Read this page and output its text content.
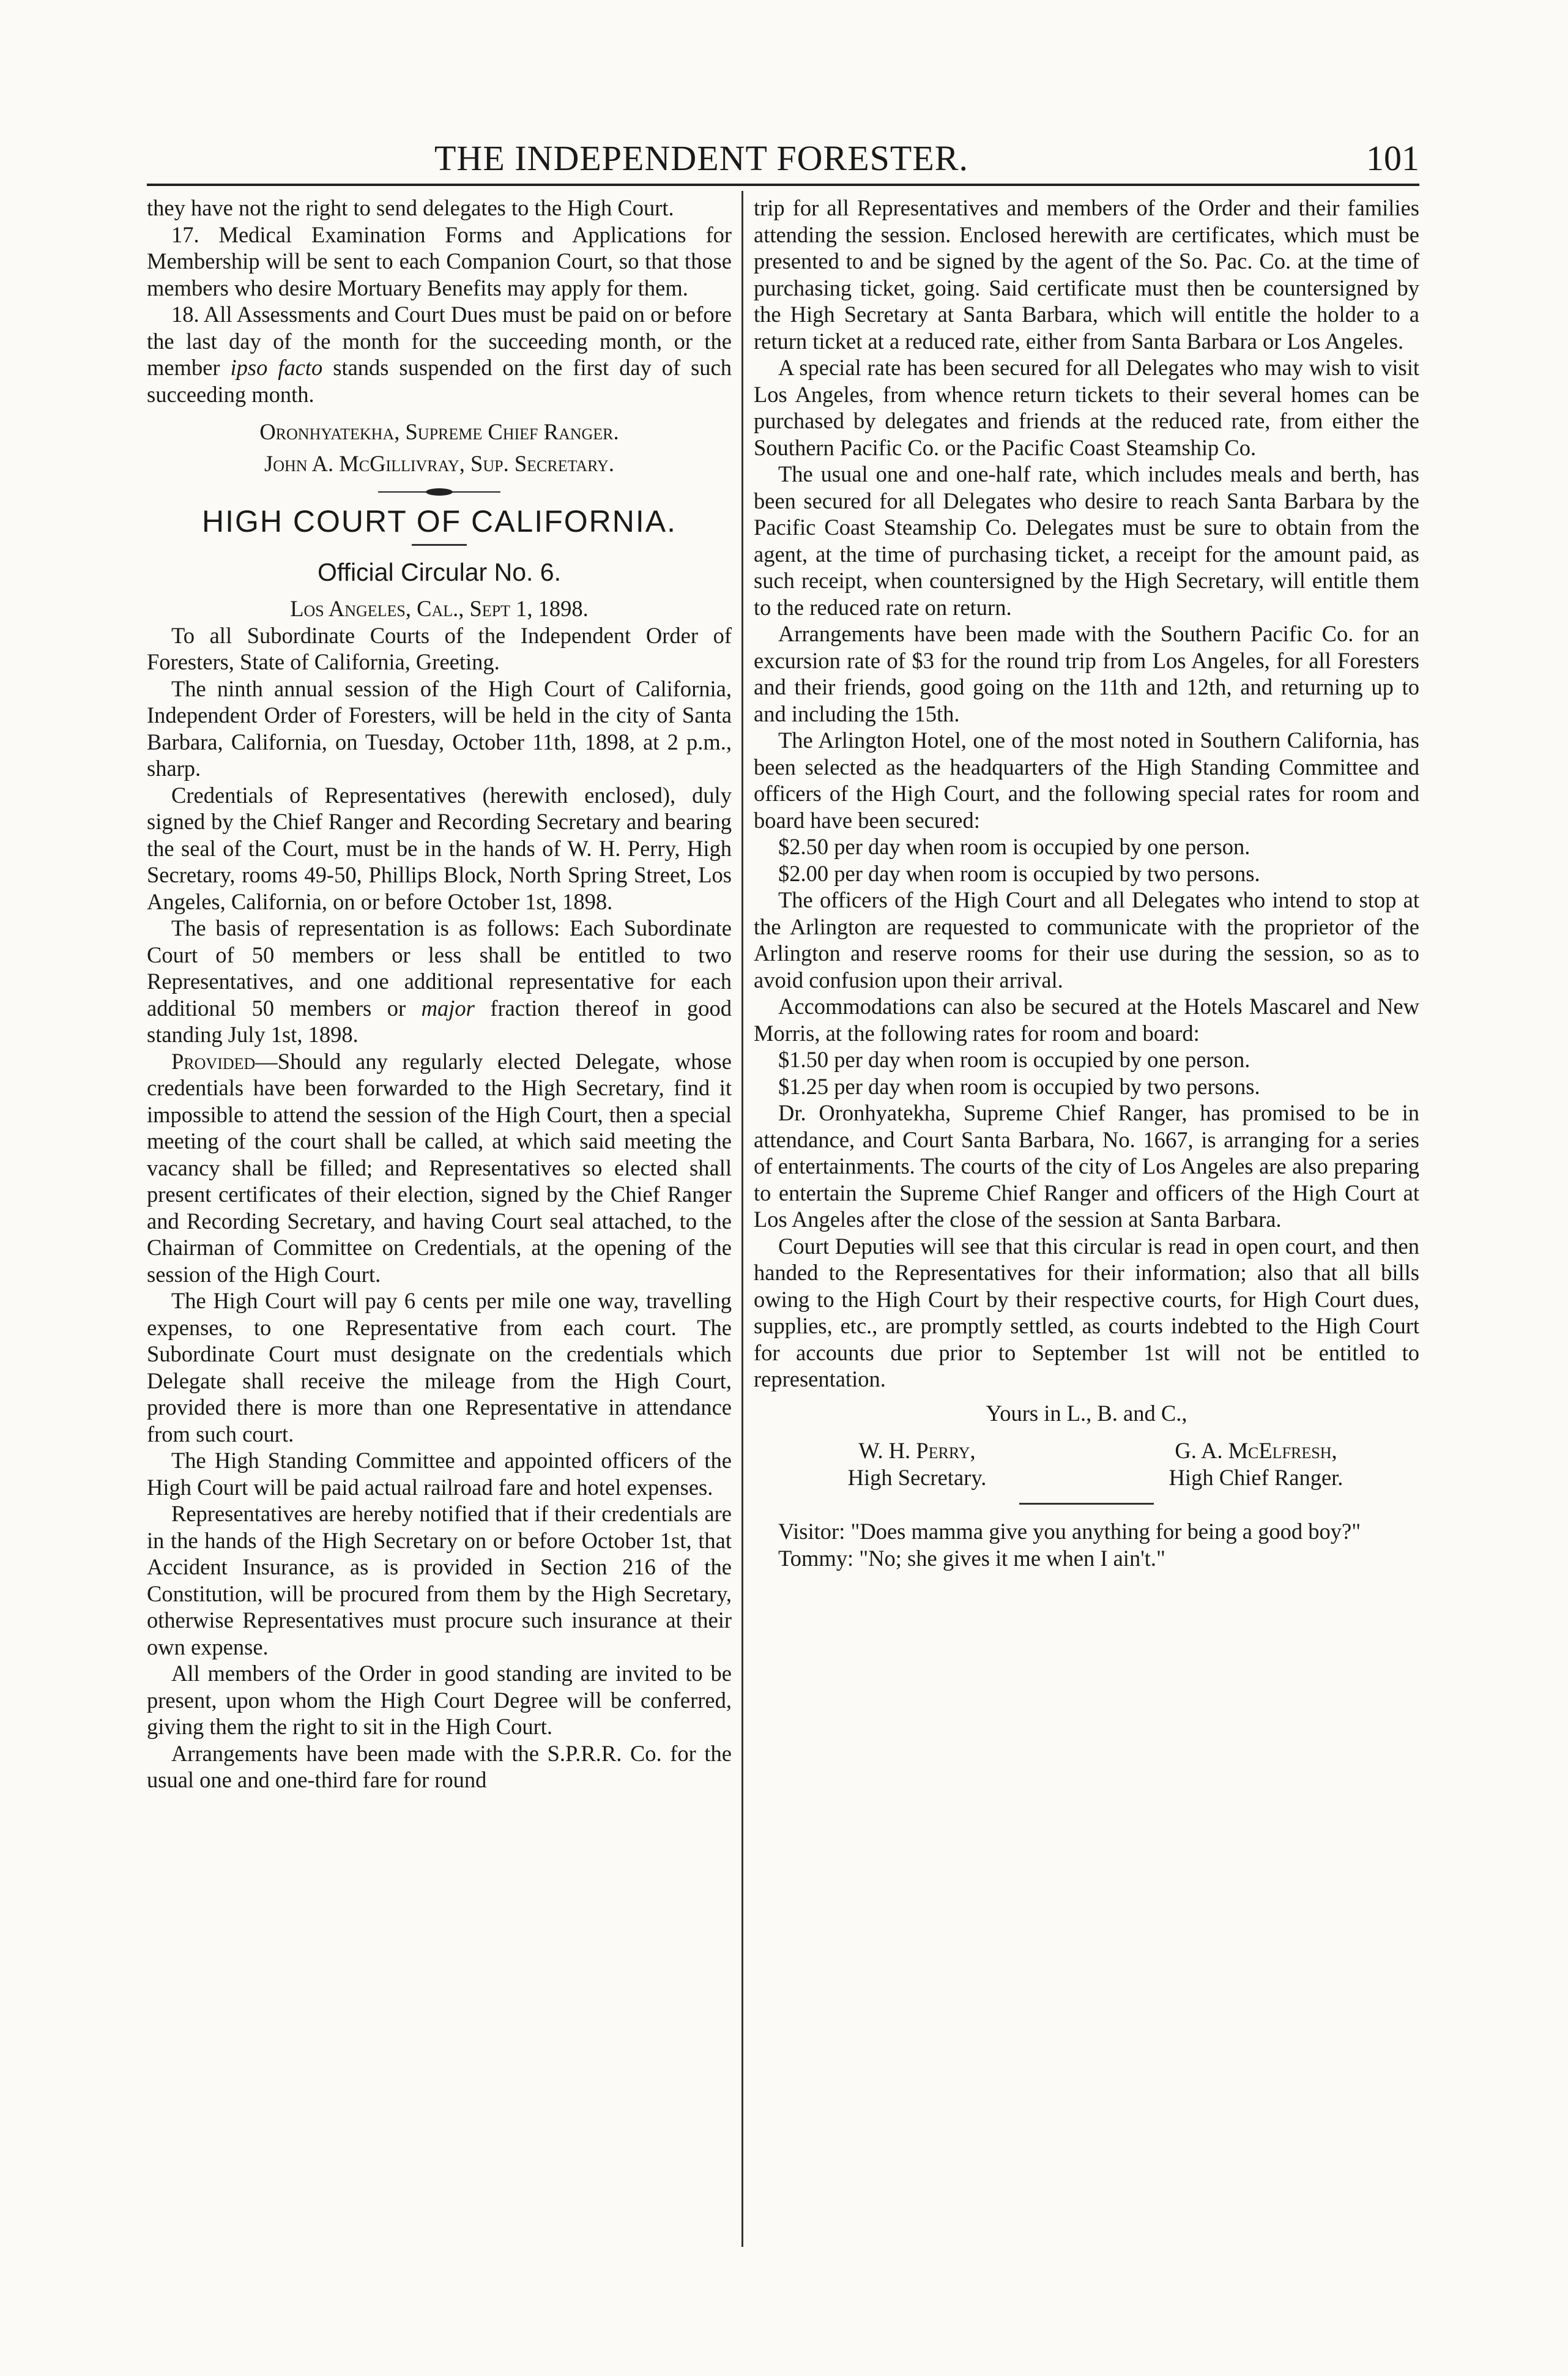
THE INDEPENDENT FORESTER.	101

they have not the right to send delegates to the High Court.

17. Medical Examination Forms and Applications for Membership will be sent to each Companion Court, so that those members who desire Mortuary Benefits may apply for them.

18. All Assessments and Court Dues must be paid on or before the last day of the month for the succeeding month, or the member ipso facto stands suspended on the first day of such succeeding month.

Oronhyatekha, Supreme Chief Ranger.

John A. McGillivray, Sup. Secretary.

HIGH COURT OF CALIFORNIA.
Official Circular No. 6.

Los Angeles, Cal., Sept 1, 1898.

To all Subordinate Courts of the Independent Order of Foresters, State of California, Greeting.

The ninth annual session of the High Court of California, Independent Order of Foresters, will be held in the city of Santa Barbara, California, on Tuesday, October 11th, 1898, at 2 p.m., sharp.

Credentials of Representatives (herewith enclosed), duly signed by the Chief Ranger and Recording Secretary and bearing the seal of the Court, must be in the hands of W. H. Perry, High Secretary, rooms 49-50, Phillips Block, North Spring Street, Los Angeles, California, on or before October 1st, 1898.

The basis of representation is as follows: Each Subordinate Court of 50 members or less shall be entitled to two Representatives, and one additional representative for each additional 50 members or major fraction thereof in good standing July 1st, 1898.

Provided—Should any regularly elected Delegate, whose credentials have been forwarded to the High Secretary, find it impossible to attend the session of the High Court, then a special meeting of the court shall be called, at which said meeting the vacancy shall be filled; and Representatives so elected shall present certificates of their election, signed by the Chief Ranger and Recording Secretary, and having Court seal attached, to the Chairman of Committee on Credentials, at the opening of the session of the High Court.

The High Court will pay 6 cents per mile one way, travelling expenses, to one Representative from each court. The Subordinate Court must designate on the credentials which Delegate shall receive the mileage from the High Court, provided there is more than one Representative in attendance from such court.

The High Standing Committee and appointed officers of the High Court will be paid actual railroad fare and hotel expenses.

Representatives are hereby notified that if their credentials are in the hands of the High Secretary on or before October 1st, that Accident Insurance, as is provided in Section 216 of the Constitution, will be procured from them by the High Secretary, otherwise Representatives must procure such insurance at their own expense.

All members of the Order in good standing are invited to be present, upon whom the High Court Degree will be conferred, giving them the right to sit in the High Court.

Arrangements have been made with the S.P.R.R. Co. for the usual one and one-third fare for round

trip for all Representatives and members of the Order and their families attending the session. Enclosed herewith are certificates, which must be presented to and be signed by the agent of the So. Pac. Co. at the time of purchasing ticket, going. Said certificate must then be countersigned by the High Secretary at Santa Barbara, which will entitle the holder to a return ticket at a reduced rate, either from Santa Barbara or Los Angeles.

A special rate has been secured for all Delegates who may wish to visit Los Angeles, from whence return tickets to their several homes can be purchased by delegates and friends at the reduced rate, from either the Southern Pacific Co. or the Pacific Coast Steamship Co.

The usual one and one-half rate, which includes meals and berth, has been secured for all Delegates who desire to reach Santa Barbara by the Pacific Coast Steamship Co. Delegates must be sure to obtain from the agent, at the time of purchasing ticket, a receipt for the amount paid, as such receipt, when countersigned by the High Secretary, will entitle them to the reduced rate on return.

Arrangements have been made with the Southern Pacific Co. for an excursion rate of $3 for the round trip from Los Angeles, for all Foresters and their friends, good going on the 11th and 12th, and returning up to and including the 15th.

The Arlington Hotel, one of the most noted in Southern California, has been selected as the headquarters of the High Standing Committee and officers of the High Court, and the following special rates for room and board have been secured:

$2.50 per day when room is occupied by one person.

$2.00 per day when room is occupied by two persons.

The officers of the High Court and all Delegates who intend to stop at the Arlington are requested to communicate with the proprietor of the Arlington and reserve rooms for their use during the session, so as to avoid confusion upon their arrival.

Accommodations can also be secured at the Hotels Mascarel and New Morris, at the following rates for room and board:

$1.50 per day when room is occupied by one person.

$1.25 per day when room is occupied by two persons.

Dr. Oronhyatekha, Supreme Chief Ranger, has promised to be in attendance, and Court Santa Barbara, No. 1667, is arranging for a series of entertainments. The courts of the city of Los Angeles are also preparing to entertain the Supreme Chief Ranger and officers of the High Court at Los Angeles after the close of the session at Santa Barbara.

Court Deputies will see that this circular is read in open court, and then handed to the Representatives for their information; also that all bills owing to the High Court by their respective courts, for High Court dues, supplies, etc., are promptly settled, as courts indebted to the High Court for accounts due prior to September 1st will not be entitled to representation.

Yours in L., B. and C.,

W. H. Perry,	G. A. McElfresh,
High Secretary.	High Chief Ranger.

Visitor: "Does mamma give you anything for being a good boy?"

Tommy: "No; she gives it me when I ain't."
